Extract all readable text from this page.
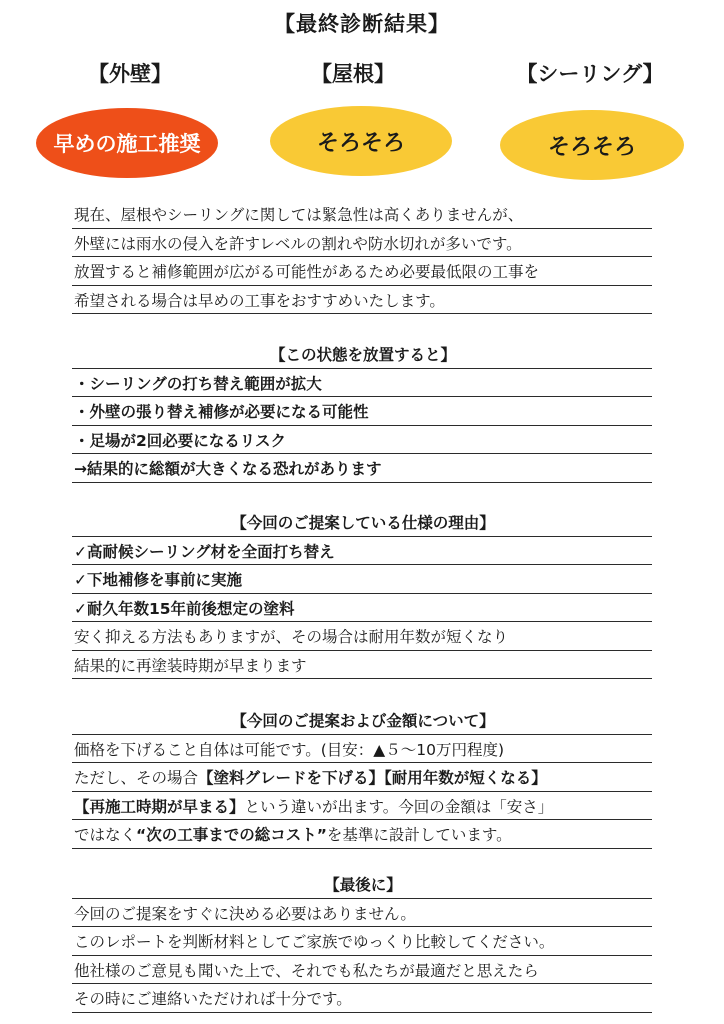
【最終診断結果】
【外壁】	【屋根】	【シーリング】
早めの施工推奨	そろそろ	そろそろ
現在、屋根やシーリングに関しては緊急性は高くありませんが、
外壁には雨水の侵入を許すレベルの割れや防水切れが多いです。
放置すると補修範囲が広がる可能性があるため必要最低限の工事を
希望される場合は早めの工事をおすすめいたします。
【この状態を放置すると】
・シーリングの打ち替え範囲が拡大
・外壁の張り替え補修が必要になる可能性
・足場が2回必要になるリスク
→結果的に総額が大きくなる恐れがあります
【今回のご提案している仕様の理由】
✓高耐候シーリング材を全面打ち替え
✓下地補修を事前に実施
✓耐久年数15年前後想定の塗料
安く抑える方法もありますが、その場合は耐用年数が短くなり
結果的に再塗装時期が早まります
【今回のご提案および金額について】
価格を下げること自体は可能です。(目安：▲５～10万円程度)
ただし、その場合【塗料グレードを下げる】【耐用年数が短くなる】
【再施工時期が早まる】という違いが出ます。今回の金額は「安さ」
ではなく“次の工事までの総コスト”を基準に設計しています。
【最後に】
今回のご提案をすぐに決める必要はありません。
このレポートを判断材料としてご家族でゆっくり比較してください。
他社様のご意見も聞いた上で、それでも私たちが最適だと思えたら
その時にご連絡いただければ十分です。
